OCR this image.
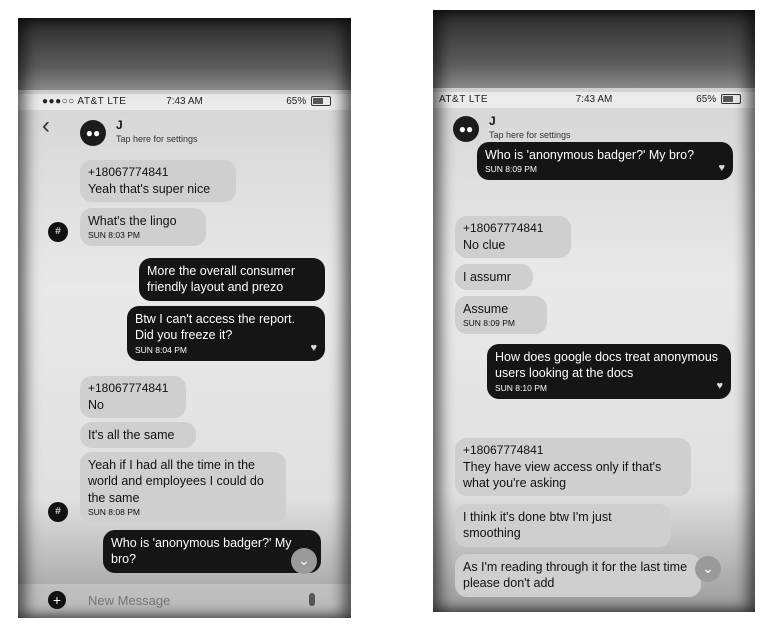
●●●○○ AT&T LTE	7:43 AM	65%
‹	●●
J
Tap here for settings
+18067774841
Yeah that's super nice
What's the lingo
SUN 8:03 PM
#
More the overall consumer friendly layout and prezo
Btw I can't access the report. Did you freeze it?
SUN 8:04 PM	♥
+18067774841
No
It's all the same
Yeah if I had all the time in the world and employees I could do the same
SUN 8:08 PM
#
Who is 'anonymous badger?' My bro?	⌄
+
New Message
AT&T LTE	7:43 AM	65%
●●
J
Tap here for settings
Who is 'anonymous badger?' My bro?
SUN 8:09 PM	♥
+18067774841
No clue
I assumr
Assume
SUN 8:09 PM
How does google docs treat anonymous users looking at the docs
SUN 8:10 PM	♥
+18067774841
They have view access only if that's what you're asking
I think it's done btw I'm just smoothing
As I'm reading through it for the last time please don't add
⌄
